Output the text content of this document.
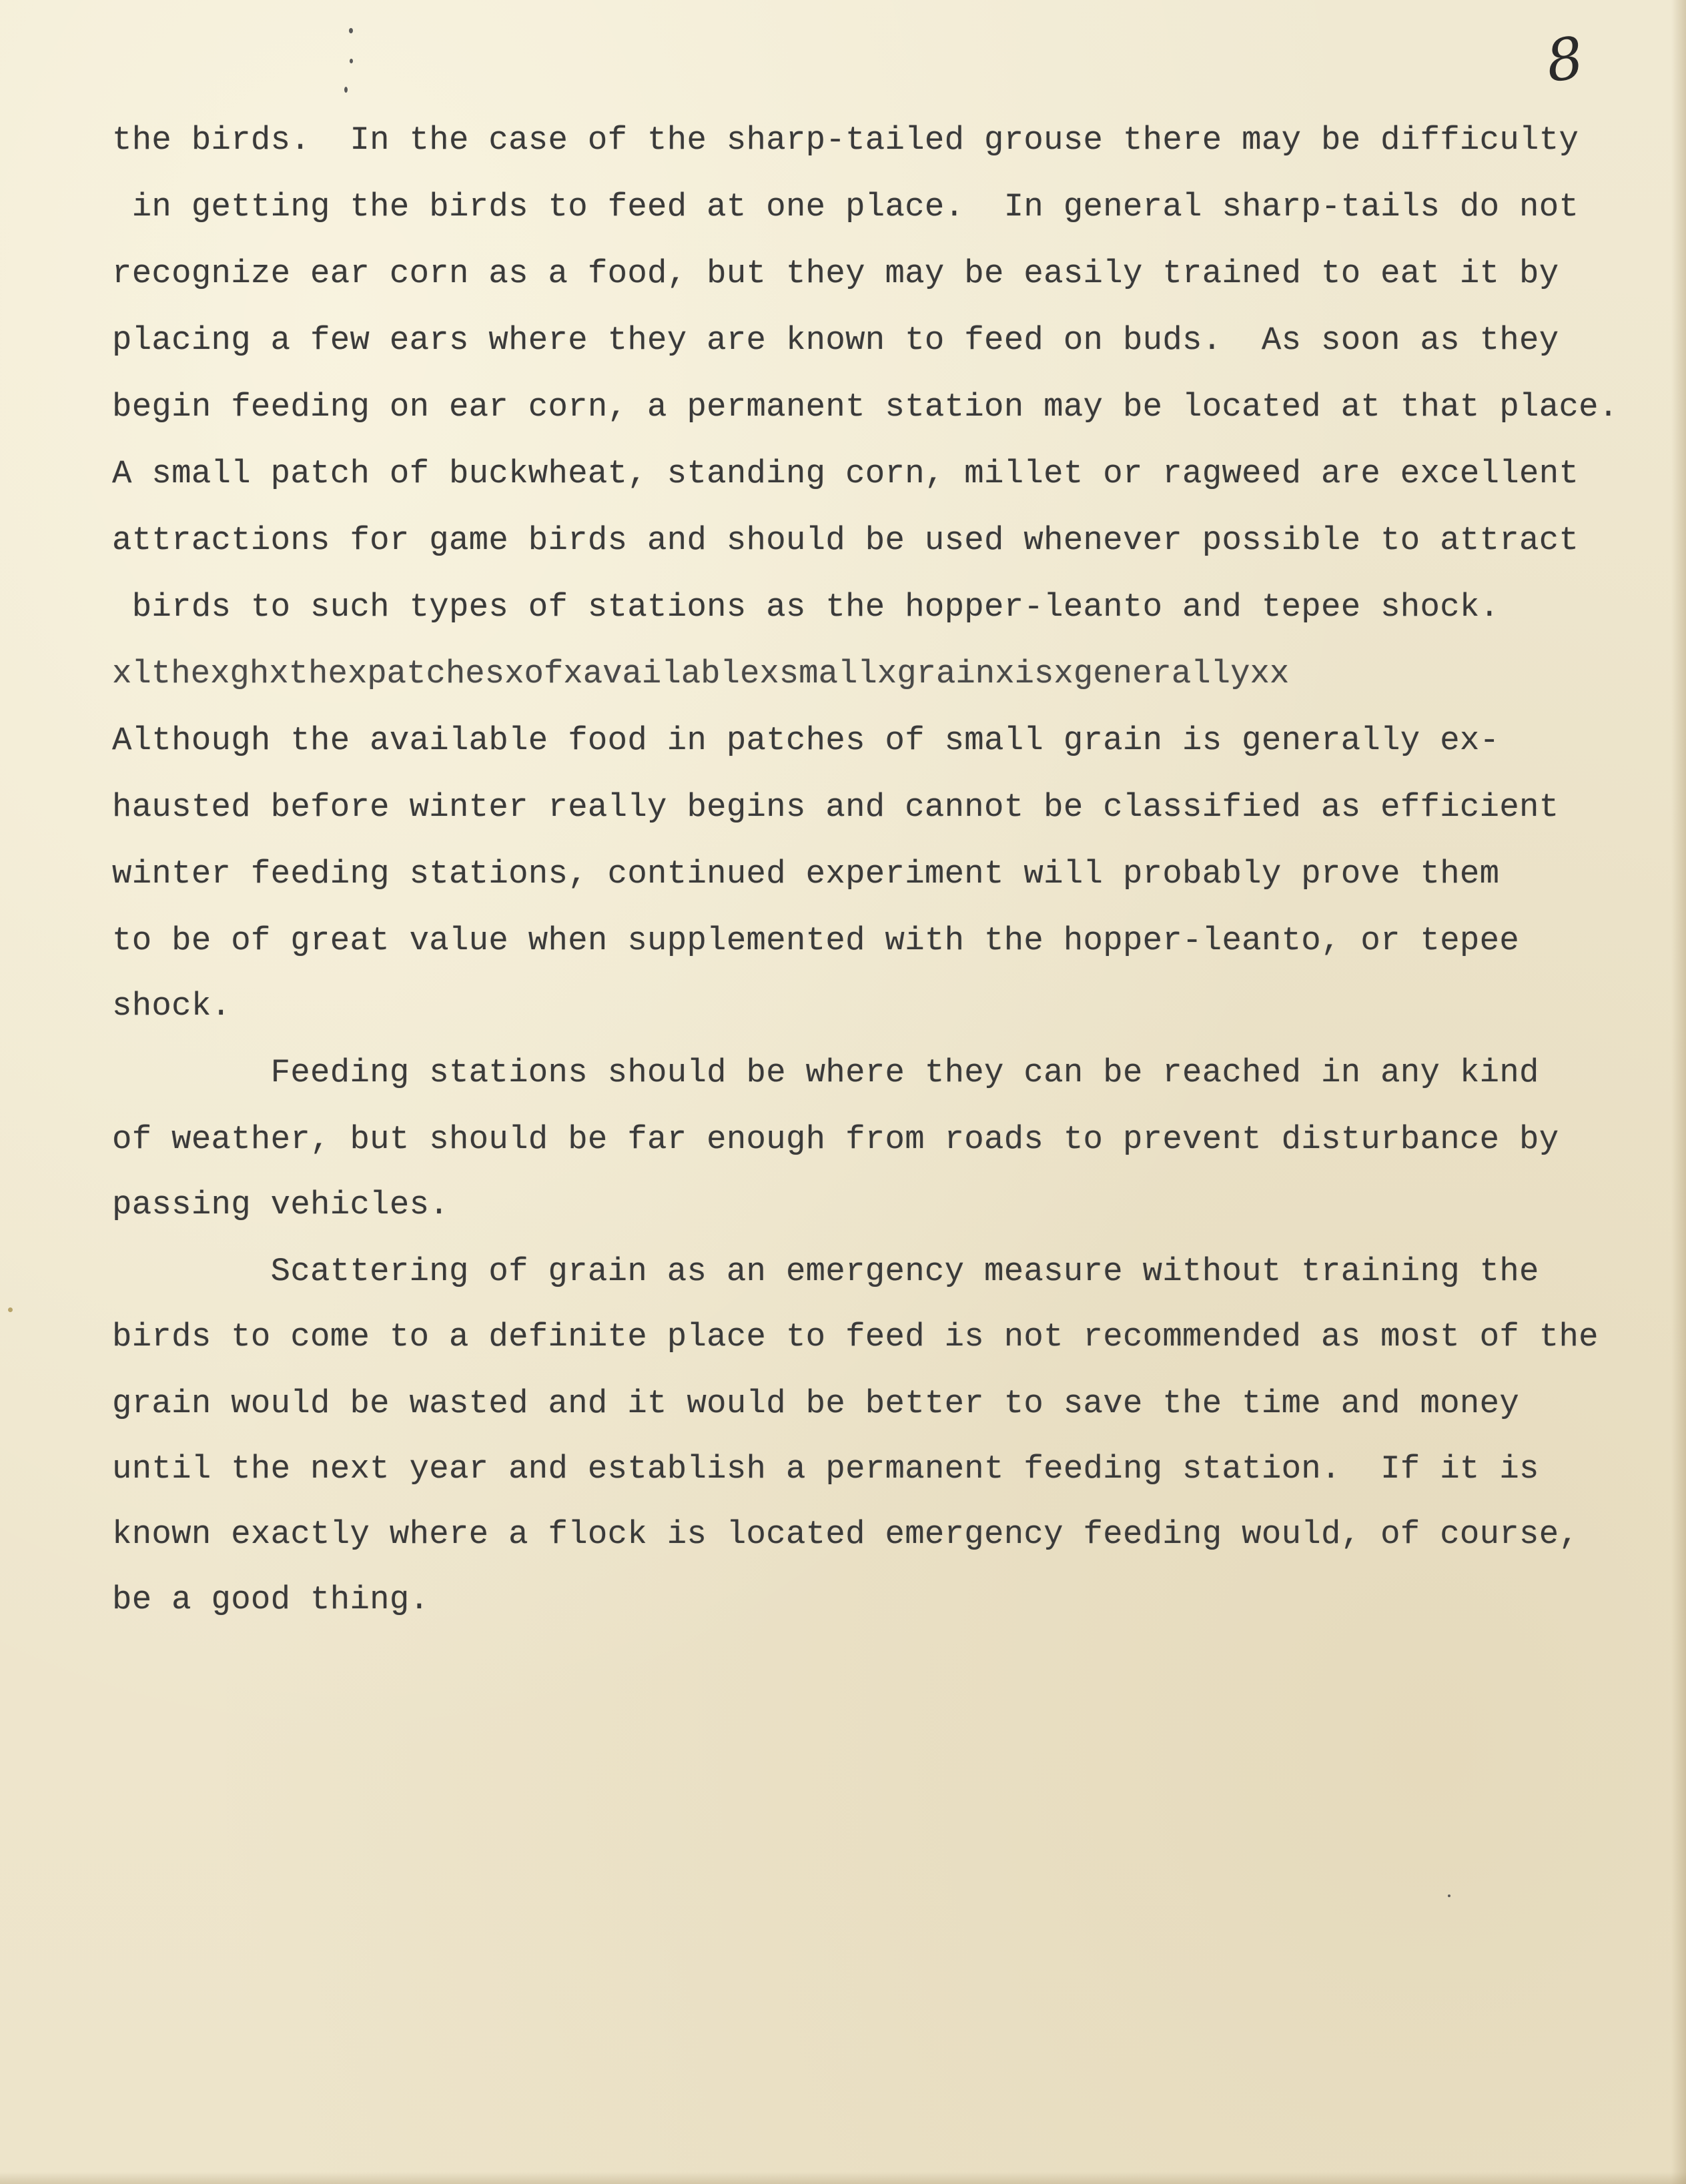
8

the birds.  In the case of the sharp-tailed grouse there may be difficulty

in getting the birds to feed at one place.  In general sharp-tails do not

recognize ear corn as a food, but they may be easily trained to eat it by

placing a few ears where they are known to feed on buds.  As soon as they

begin feeding on ear corn, a permanent station may be located at that place.

A small patch of buckwheat, standing corn, millet or ragweed are excellent

attractions for game birds and should be used whenever possible to attract

birds to such types of stations as the hopper-leanto and tepee shock.

xlthexghxthexpatchesxofxavailablexsmallxgrainxisxgenerallyxx

Although the available food in patches of small grain is generally ex-

hausted before winter really begins and cannot be classified as efficient

winter feeding stations, continued experiment will probably prove them

to be of great value when supplemented with the hopper-leanto, or tepee

shock.

Feeding stations should be where they can be reached in any kind

of weather, but should be far enough from roads to prevent disturbance by

passing vehicles.

Scattering of grain as an emergency measure without training the

birds to come to a definite place to feed is not recommended as most of the

grain would be wasted and it would be better to save the time and money

until the next year and establish a permanent feeding station.  If it is

known exactly where a flock is located emergency feeding would, of course,

be a good thing.
